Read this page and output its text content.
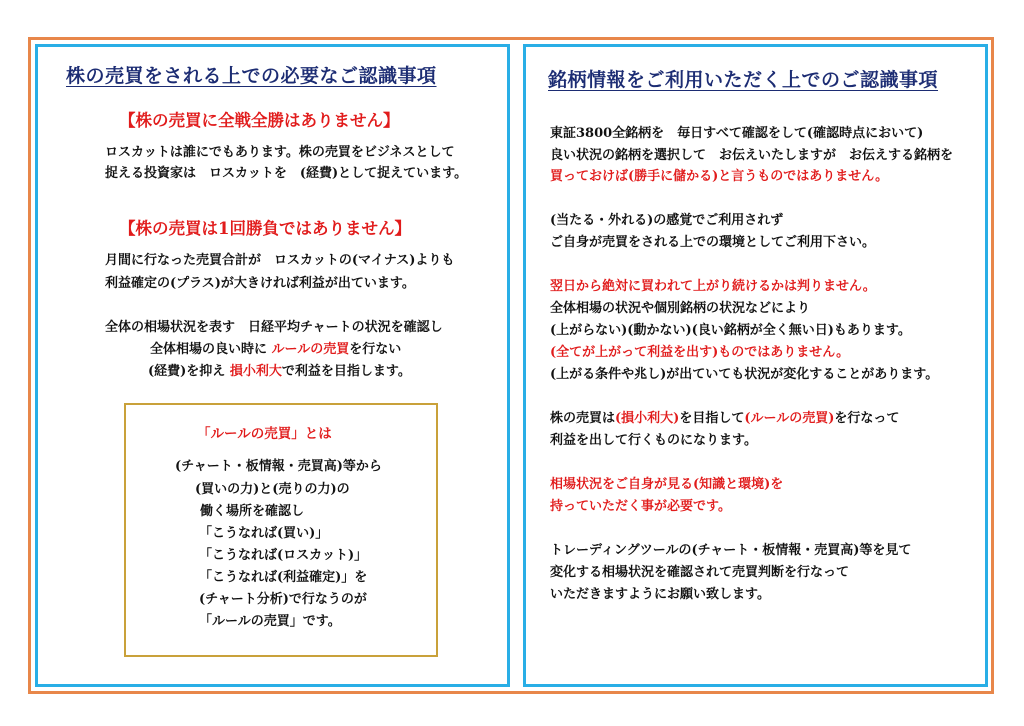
株の売買をされる上での必要なご認識事項
【株の売買に全戦全勝はありません】
ロスカットは誰にでもあります。株の売買をビジネスとして
捉える投資家は　ロスカットを　(経費)として捉えています。
【株の売買は1回勝負ではありません】
月間に行なった売買合計が　ロスカットの(マイナス)よりも
利益確定の(プラス)が大きければ利益が出ています。
全体の相場状況を表す　日経平均チャートの状況を確認し
全体相場の良い時に ルールの売買を行ない
(経費)を抑え 損小利大で利益を目指します。
「ルールの売買」とは
(チャート・板情報・売買高)等から
(買いの力)と(売りの力)の
働く場所を確認し
「こうなれば(買い)」
「こうなれば(ロスカット)」
「こうなれば(利益確定)」を
(チャート分析)で行なうのが
「ルールの売買」です。
銘柄情報をご利用いただく上でのご認識事項
東証3800全銘柄を　毎日すべて確認をして(確認時点において)
良い状況の銘柄を選択して　お伝えいたしますが　お伝えする銘柄を
買っておけば(勝手に儲かる)と言うものではありません。
(当たる・外れる)の感覚でご利用されず
ご自身が売買をされる上での環境としてご利用下さい。
翌日から絶対に買われて上がり続けるかは判りません。
全体相場の状況や個別銘柄の状況などにより
(上がらない)(動かない)(良い銘柄が全く無い日)もあります。
(全てが上がって利益を出す)ものではありません。
(上がる条件や兆し)が出ていても状況が変化することがあります。
株の売買は(損小利大)を目指して(ルールの売買)を行なって
利益を出して行くものになります。
相場状況をご自身が見る(知識と環境)を
持っていただく事が必要です。
トレーディングツールの(チャート・板情報・売買高)等を見て
変化する相場状況を確認されて売買判断を行なって
いただきますようにお願い致します。
